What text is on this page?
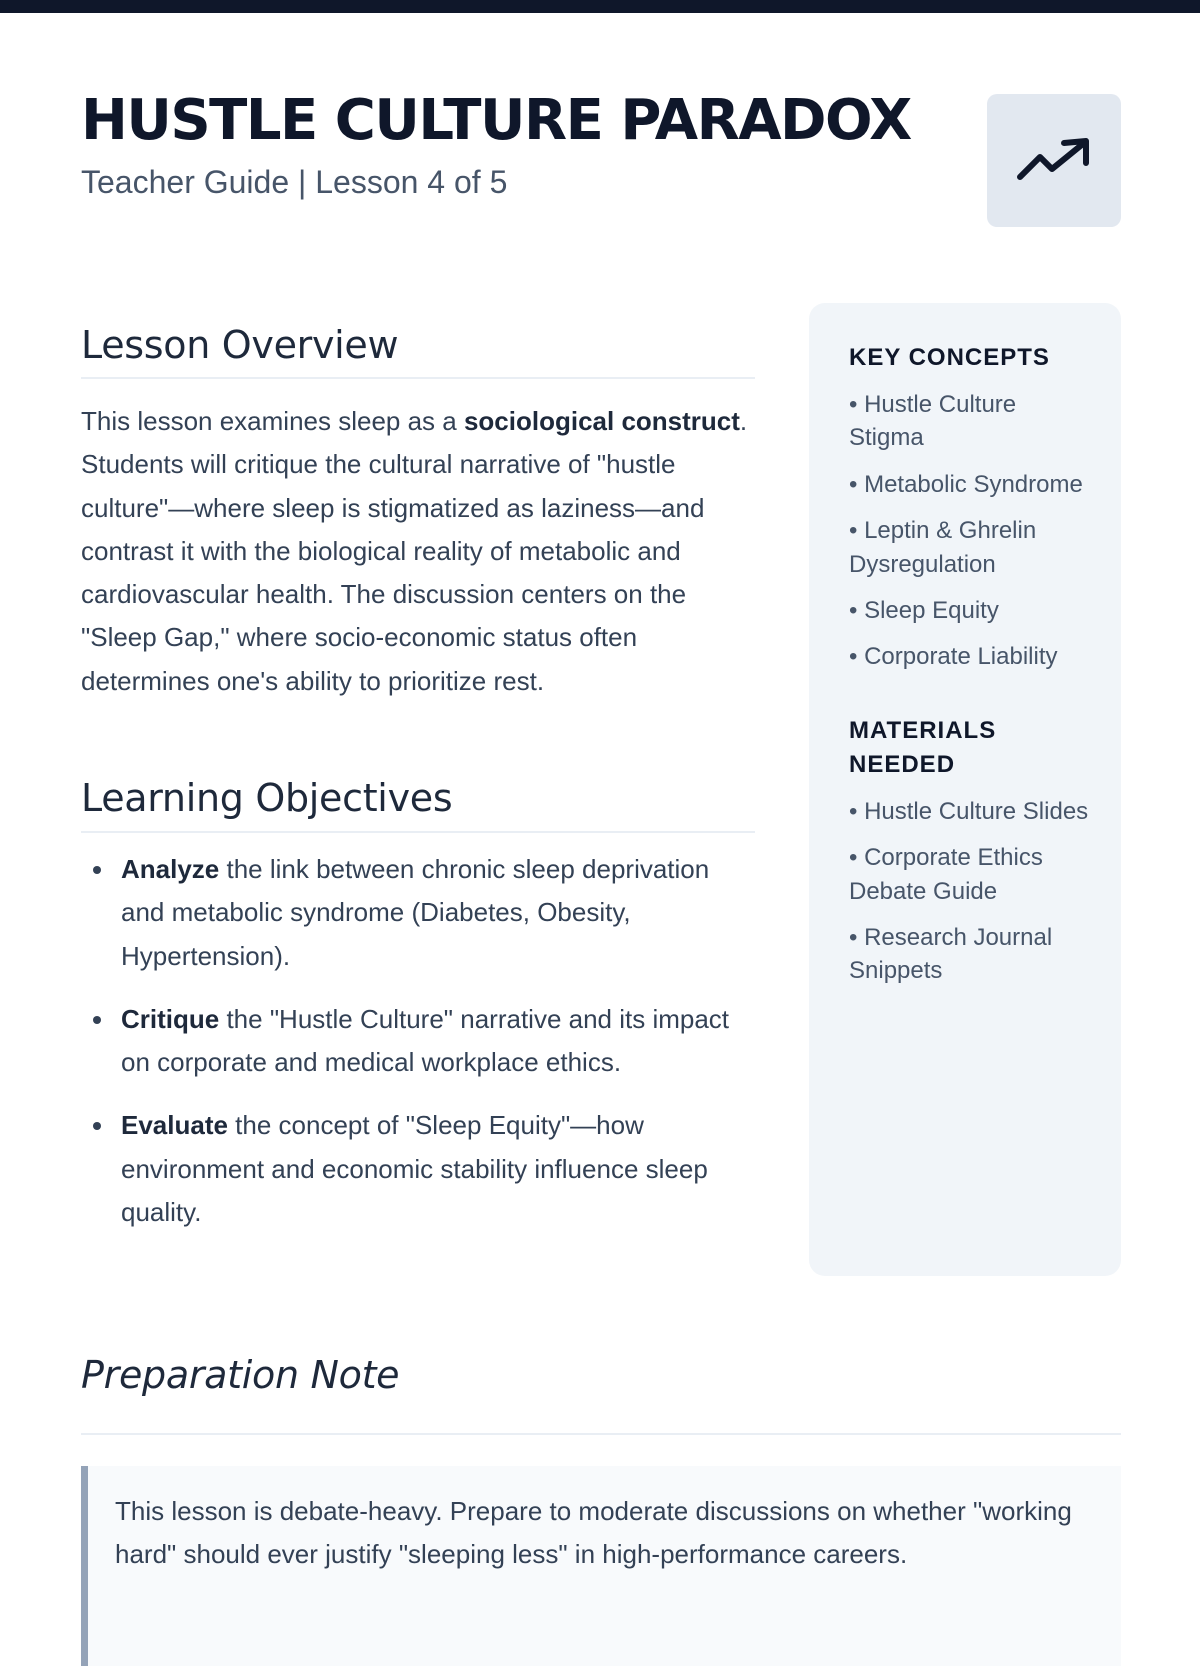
HUSTLE CULTURE PARADOX

Teacher Guide | Lesson 4 of 5

Lesson Overview

This lesson examines sleep as a sociological construct. Students will critique the cultural narrative of "hustle culture"—where sleep is stigmatized as laziness—and contrast it with the biological reality of metabolic and cardiovascular health. The discussion centers on the "Sleep Gap," where socio-economic status often determines one's ability to prioritize rest.

Learning Objectives
Analyze the link between chronic sleep deprivation and metabolic syndrome (Diabetes, Obesity, Hypertension).
Critique the "Hustle Culture" narrative and its impact on corporate and medical workplace ethics.
Evaluate the concept of "Sleep Equity"—how environment and economic stability influence sleep quality.
KEY CONCEPTS
• Hustle Culture Stigma
• Metabolic Syndrome
• Leptin & Ghrelin Dysregulation
• Sleep Equity
• Corporate Liability
MATERIALS NEEDED
• Hustle Culture Slides
• Corporate Ethics Debate Guide
• Research Journal Snippets
Preparation Note

This lesson is debate-heavy. Prepare to moderate discussions on whether "working hard" should ever justify "sleeping less" in high-performance careers.
